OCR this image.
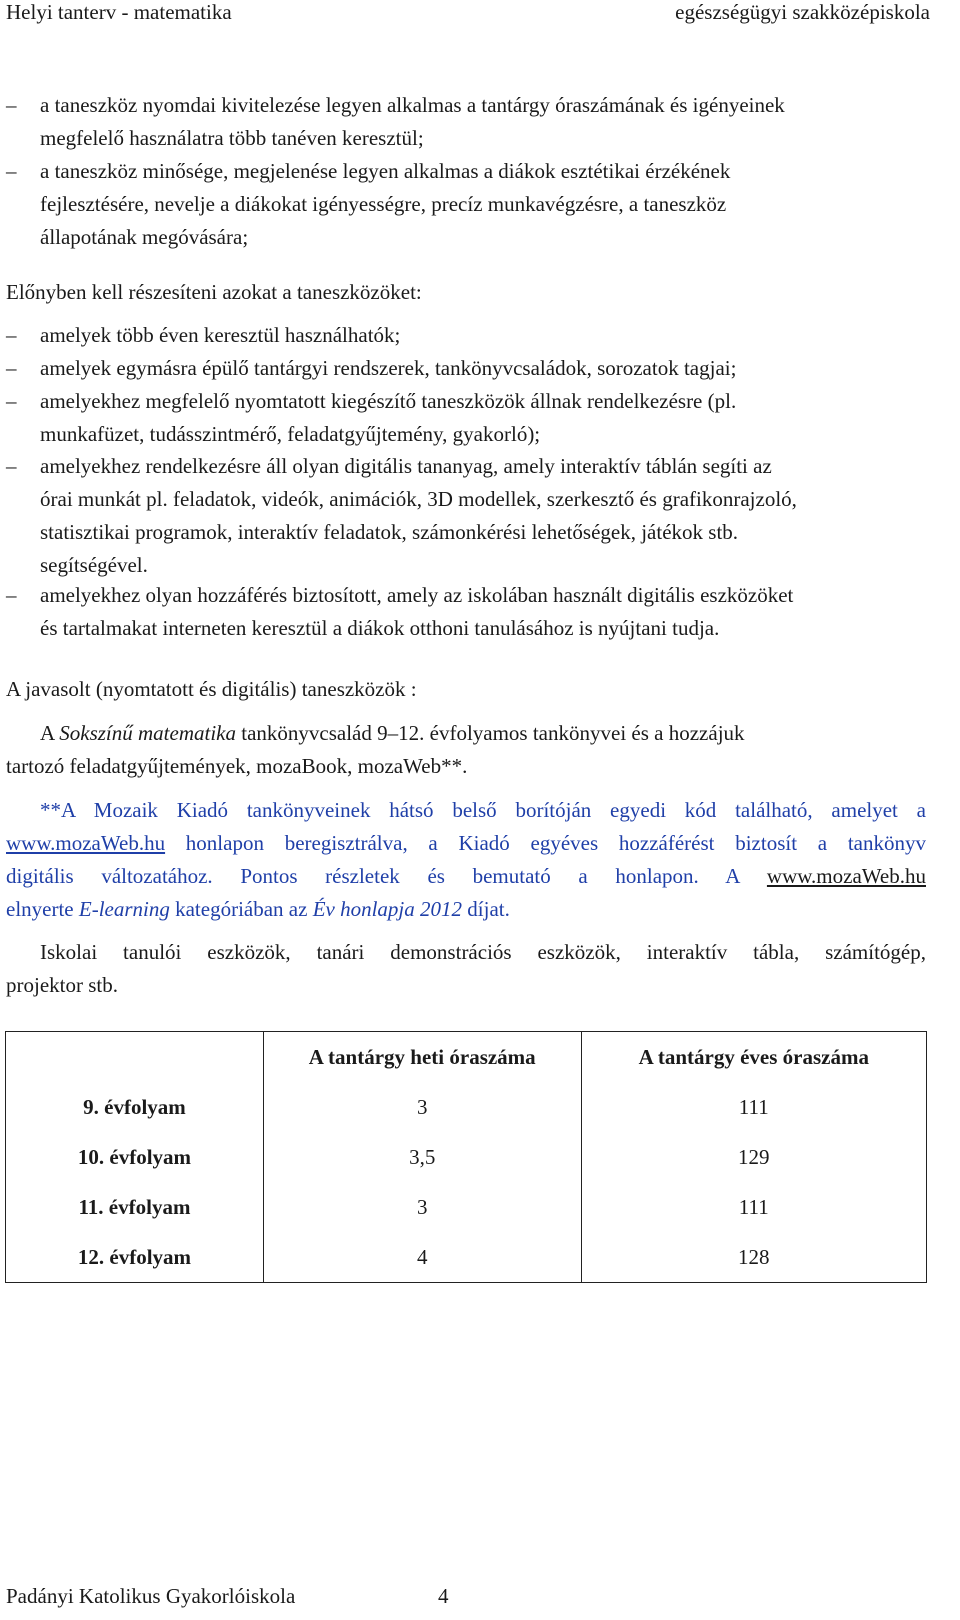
Helyi tanterv - matematika	egészségügyi szakközépiskola
–	a taneszköz nyomdai kivitelezése legyen alkalmas a tantárgy óraszámának és igényeinek
megfelelő használatra több tanéven keresztül;
–	a taneszköz minősége, megjelenése legyen alkalmas a diákok esztétikai érzékének
fejlesztésére, nevelje a diákokat igényességre, precíz munkavégzésre, a taneszköz
állapotának megóvására;
Előnyben kell részesíteni azokat a taneszközöket:
–	amelyek több éven keresztül használhatók;
–	amelyek egymásra épülő tantárgyi rendszerek, tankönyvcsaládok, sorozatok tagjai;
–	amelyekhez megfelelő nyomtatott kiegészítő taneszközök állnak rendelkezésre (pl.
munkafüzet, tudásszintmérő, feladatgyűjtemény, gyakorló);
–	amelyekhez rendelkezésre áll olyan digitális tananyag, amely interaktív táblán segíti az
órai munkát pl. feladatok, videók, animációk, 3D modellek, szerkesztő és grafikonrajzoló,
statisztikai programok, interaktív feladatok, számonkérési lehetőségek, játékok stb.
segítségével.
–	amelyekhez olyan hozzáférés biztosított, amely az iskolában használt digitális eszközöket
és tartalmakat interneten keresztül a diákok otthoni tanulásához is nyújtani tudja.
A javasolt (nyomtatott és digitális) taneszközök :
A Sokszínű matematika tankönyvcsalád 9–12. évfolyamos tankönyvei és a hozzájuk
tartozó feladatgyűjtemények, mozaBook, mozaWeb**.
**A Mozaik Kiadó tankönyveinek hátsó belső borítóján egyedi kód található, amelyet a
www.mozaWeb.hu honlapon beregisztrálva, a Kiadó egyéves hozzáférést biztosít a tankönyv
digitális változatához. Pontos részletek és bemutató a honlapon. A www.mozaWeb.hu
elnyerte E-learning kategóriában az Év honlapja 2012 díjat.
Iskolai tanulói eszközök, tanári demonstrációs eszközök, interaktív tábla, számítógép,
projektor stb.
	A tantárgy heti óraszáma	A tantárgy éves óraszáma
9. évfolyam	3	111
10. évfolyam	3,5	129
11. évfolyam	3	111
12. évfolyam	4	128
Padányi Katolikus Gyakorlóiskola	4
